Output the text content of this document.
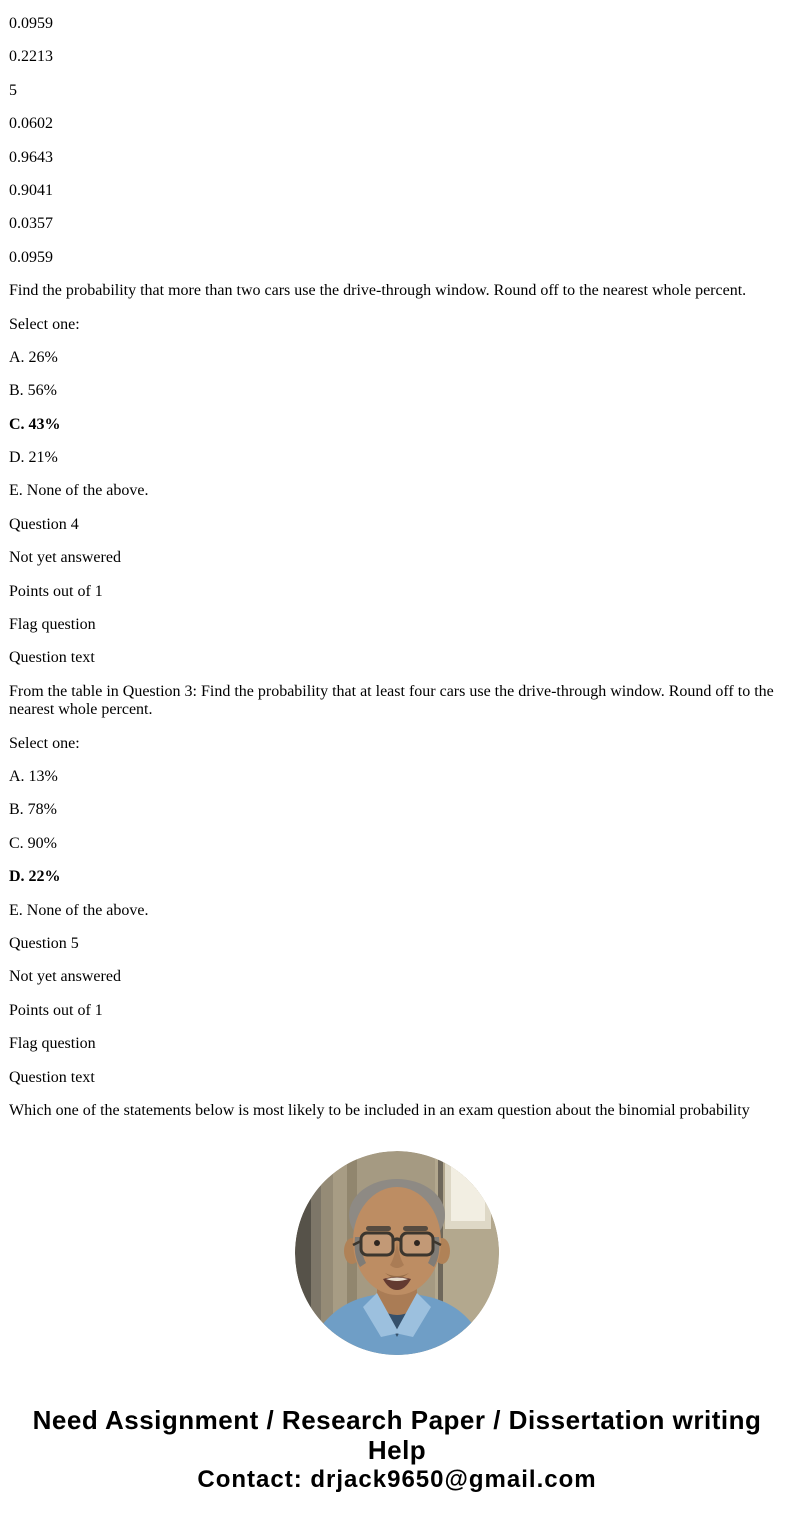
0.0959

0.2213

5

0.0602

0.9643

0.9041

0.0357

0.0959

Find the probability that more than two cars use the drive-through window. Round off to the nearest whole percent.

Select one:

A. 26%

B. 56%

C. 43%

D. 21%

E. None of the above.

Question 4

Not yet answered

Points out of 1

Flag question

Question text

From the table in Question 3: Find the probability that at least four cars use the drive-through window. Round off to the nearest whole percent.

Select one:

A. 13%

B. 78%

C. 90%

D. 22%

E. None of the above.

Question 5

Not yet answered

Points out of 1

Flag question

Question text

Which one of the statements below is most likely to be included in an exam question about the binomial probability

Need Assignment / Research Paper / Dissertation writing Help
Contact: drjack9650@gmail.com
